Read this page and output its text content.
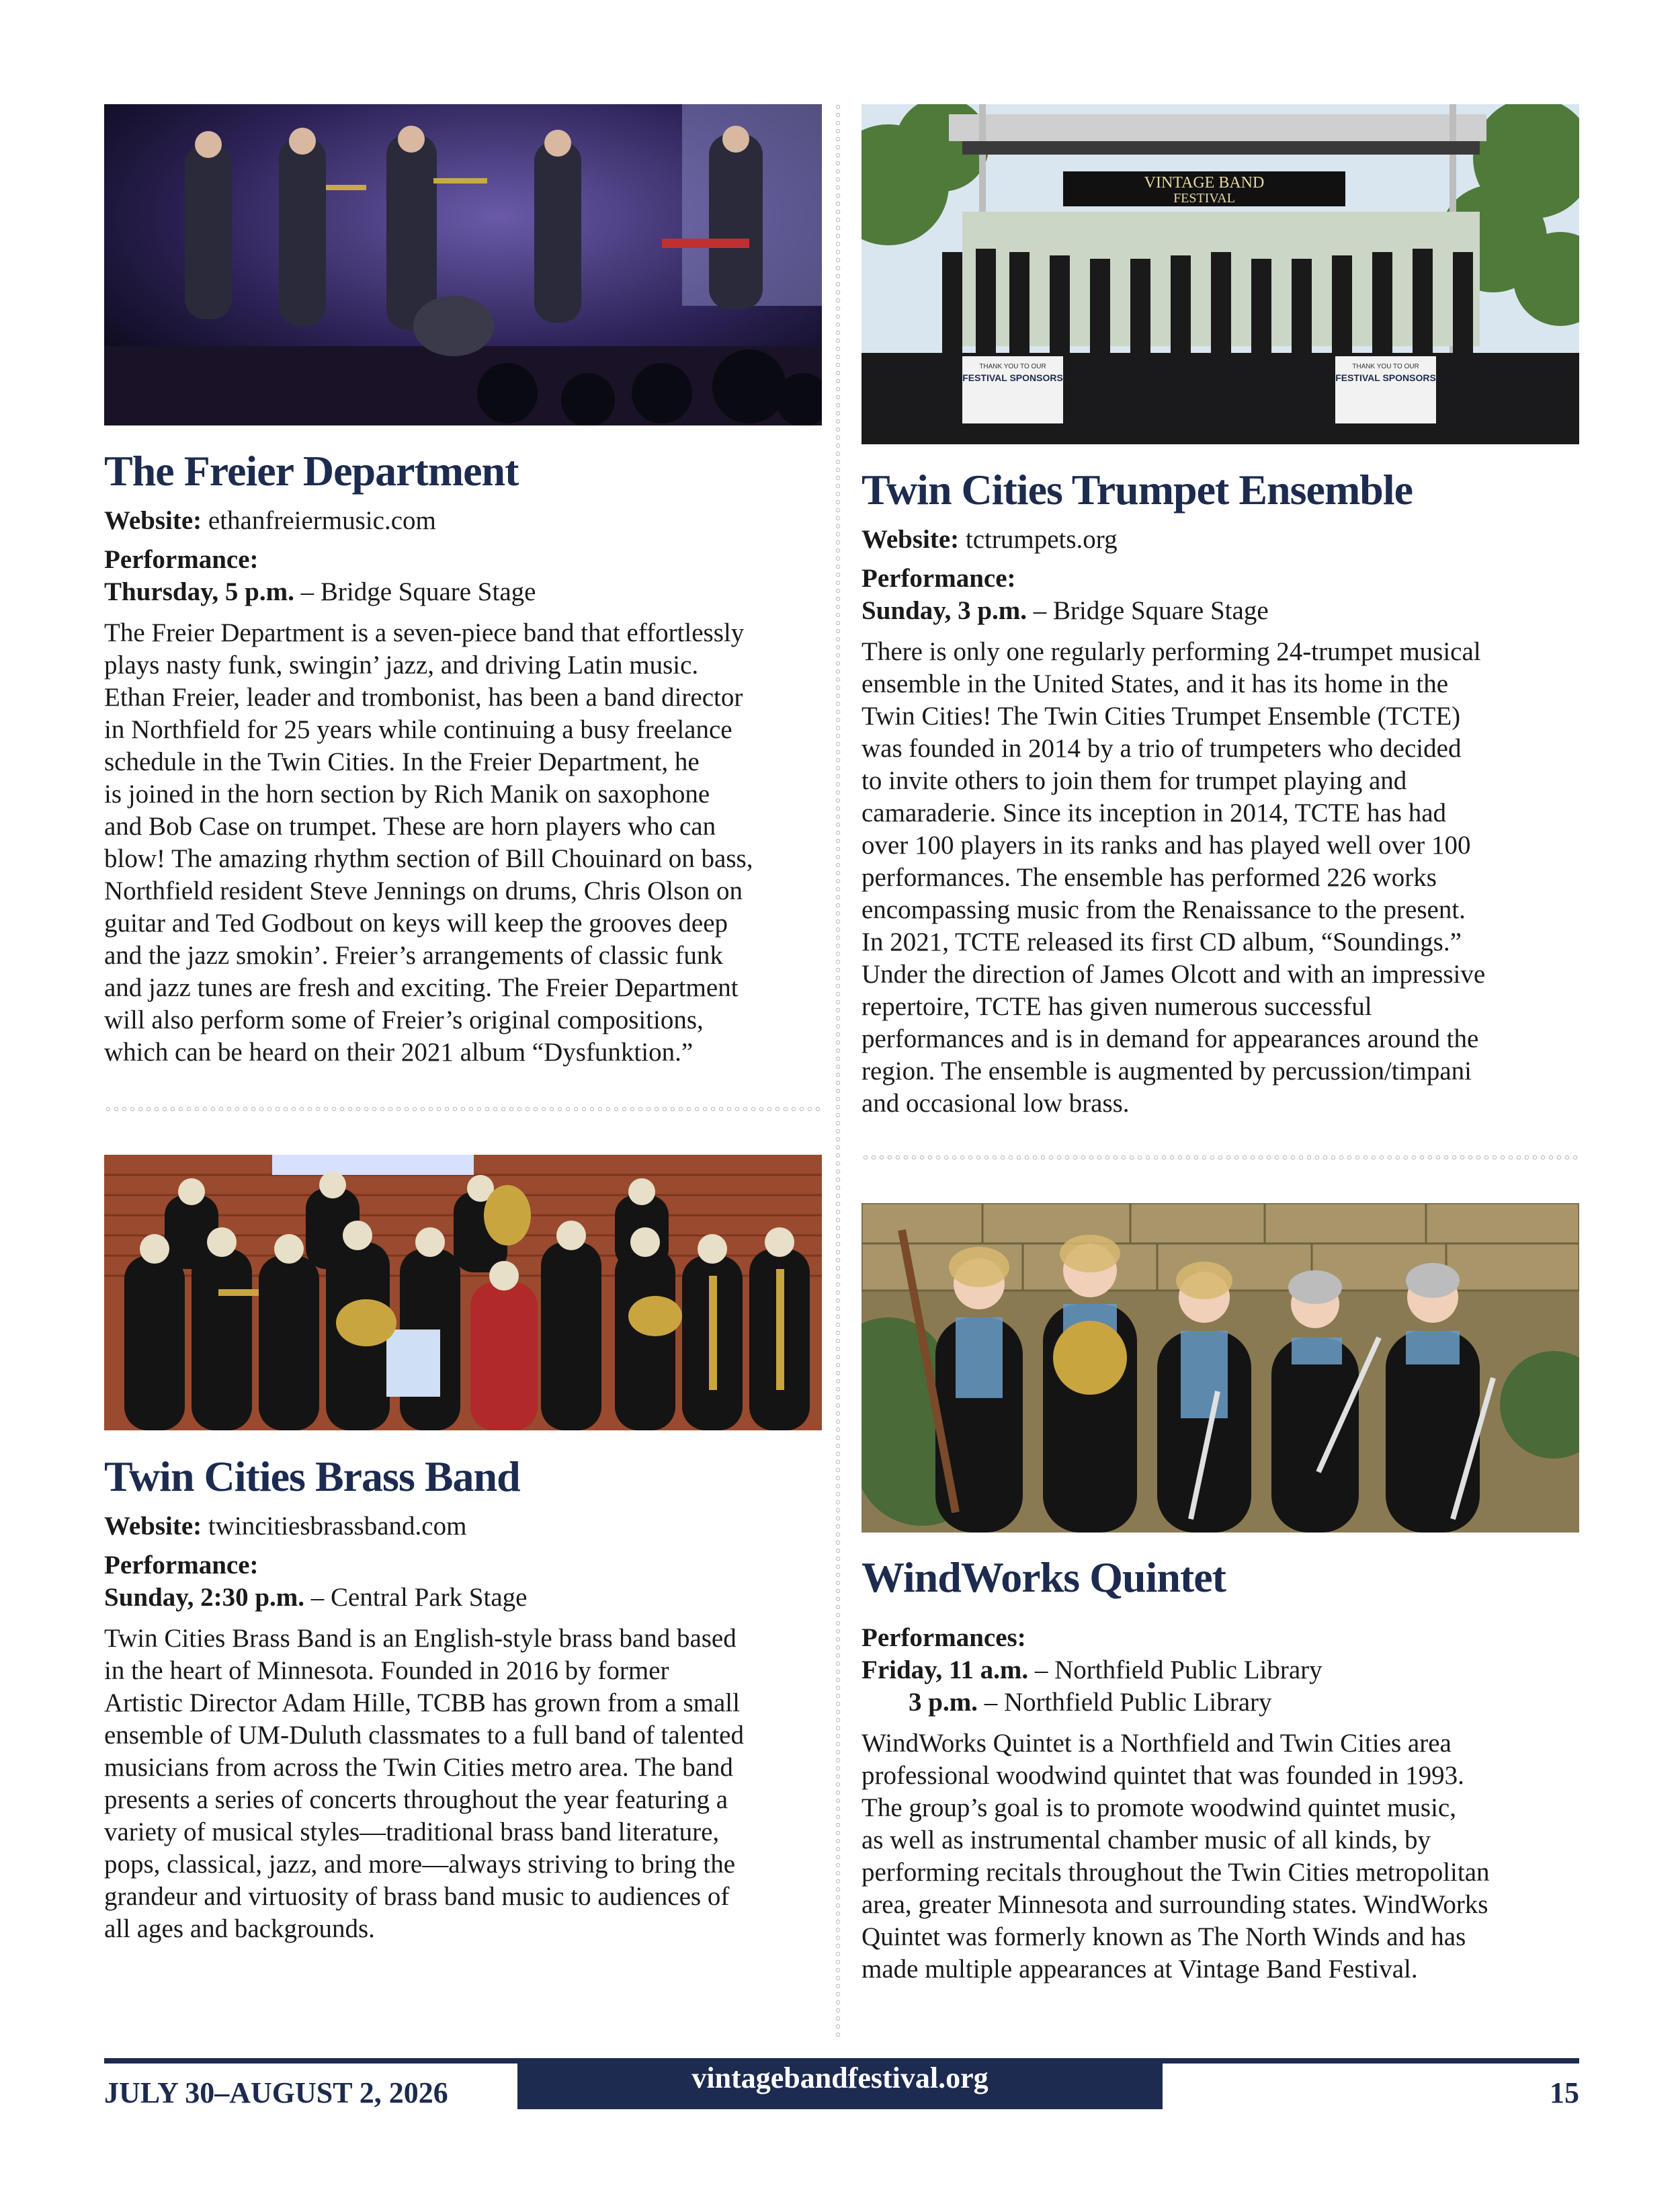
The Freier Department
Website: ethanfreiermusic.com
Performance:
Thursday, 5 p.m. – Bridge Square Stage
The Freier Department is a seven-piece band that effortlessly
plays nasty funk, swingin’ jazz, and driving Latin music.
Ethan Freier, leader and trombonist, has been a band director
in Northfield for 25 years while continuing a busy freelance
schedule in the Twin Cities. In the Freier Department, he
is joined in the horn section by Rich Manik on saxophone
and Bob Case on trumpet. These are horn players who can
blow! The amazing rhythm section of Bill Chouinard on bass,
Northfield resident Steve Jennings on drums, Chris Olson on
guitar and Ted Godbout on keys will keep the grooves deep
and the jazz smokin’. Freier’s arrangements of classic funk
and jazz tunes are fresh and exciting. The Freier Department
will also perform some of Freier’s original compositions,
which can be heard on their 2021 album “Dysfunktion.”
Twin Cities Brass Band
Website: twincitiesbrassband.com
Performance:
Sunday, 2:30 p.m. – Central Park Stage
Twin Cities Brass Band is an English-style brass band based
in the heart of Minnesota. Founded in 2016 by former
Artistic Director Adam Hille, TCBB has grown from a small
ensemble of UM-Duluth classmates to a full band of talented
musicians from across the Twin Cities metro area. The band
presents a series of concerts throughout the year featuring a
variety of musical styles—traditional brass band literature,
pops, classical, jazz, and more—always striving to bring the
grandeur and virtuosity of brass band music to audiences of
all ages and backgrounds.
VINTAGE BAND
FESTIVAL
THANK YOU TO OUR
FESTIVAL SPONSORS
THANK YOU TO OUR
FESTIVAL SPONSORS
Twin Cities Trumpet Ensemble
Website: tctrumpets.org
Performance:
Sunday, 3 p.m. – Bridge Square Stage
There is only one regularly performing 24-trumpet musical
ensemble in the United States, and it has its home in the
Twin Cities! The Twin Cities Trumpet Ensemble (TCTE)
was founded in 2014 by a trio of trumpeters who decided
to invite others to join them for trumpet playing and
camaraderie. Since its inception in 2014, TCTE has had
over 100 players in its ranks and has played well over 100
performances. The ensemble has performed 226 works
encompassing music from the Renaissance to the present.
In 2021, TCTE released its first CD album, “Soundings.”
Under the direction of James Olcott and with an impressive
repertoire, TCTE has given numerous successful
performances and is in demand for appearances around the
region. The ensemble is augmented by percussion/timpani
and occasional low brass.
WindWorks Quintet
Performances:
Friday, 11 a.m. – Northfield Public Library
3 p.m. – Northfield Public Library
WindWorks Quintet is a Northfield and Twin Cities area
professional woodwind quintet that was founded in 1993.
The group’s goal is to promote woodwind quintet music,
as well as instrumental chamber music of all kinds, by
performing recitals throughout the Twin Cities metropolitan
area, greater Minnesota and surrounding states. WindWorks
Quintet was formerly known as The North Winds and has
made multiple appearances at Vintage Band Festival.
JULY 30–AUGUST 2, 2026	vintagebandfestival.org	15
